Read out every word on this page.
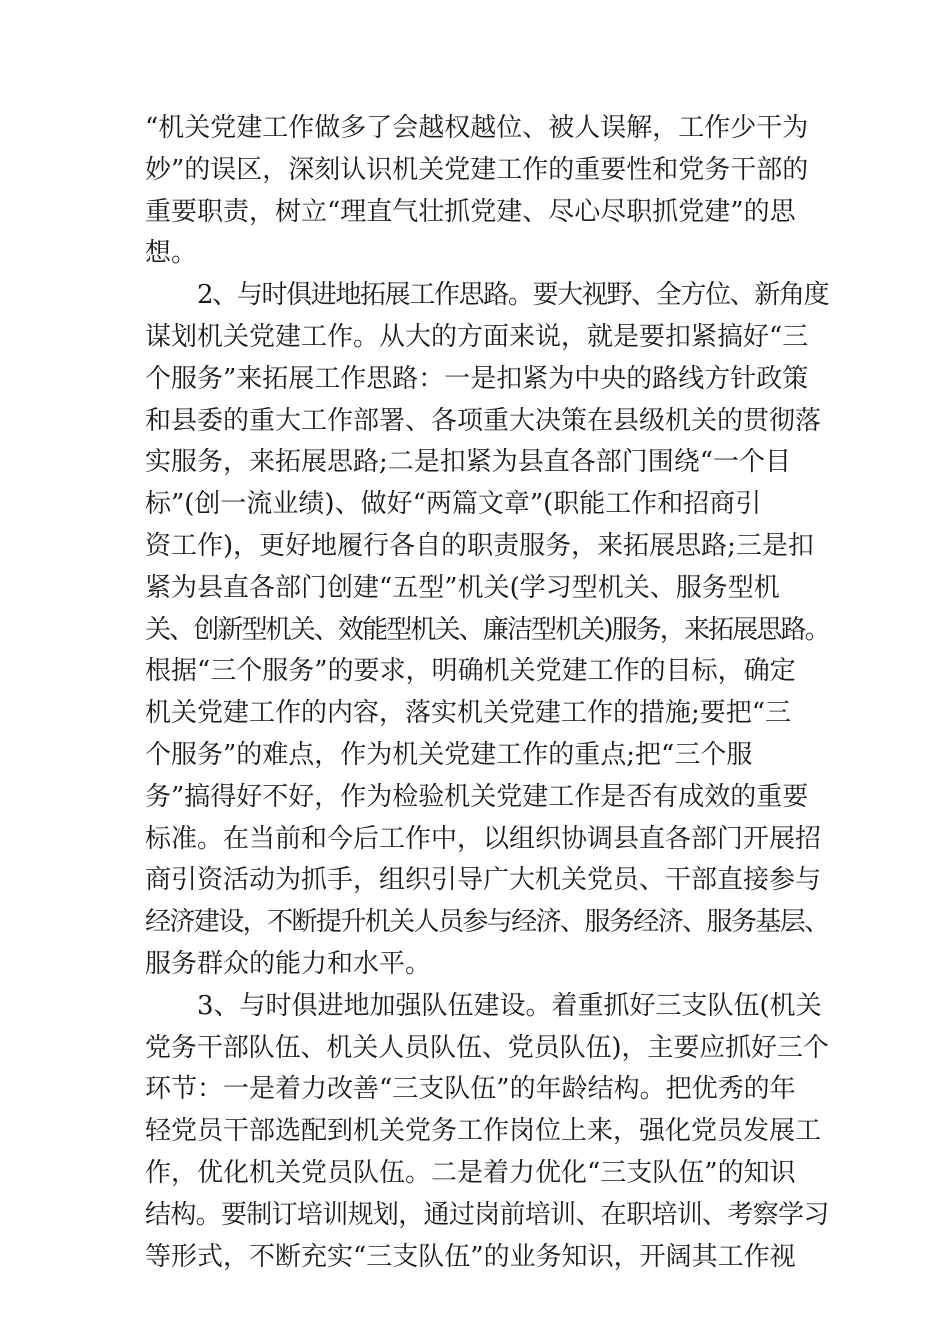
“机关党建工作做多了会越权越位、被人误解，工作少干为
妙”的误区，深刻认识机关党建工作的重要性和党务干部的
重要职责，树立“理直气壮抓党建、尽心尽职抓党建”的思
想。
2、与时俱进地拓展工作思路。要大视野、全方位、新角度
谋划机关党建工作。从大的方面来说，就是要扣紧搞好“三
个服务”来拓展工作思路：一是扣紧为中央的路线方针政策
和县委的重大工作部署、各项重大决策在县级机关的贯彻落
实服务，来拓展思路;二是扣紧为县直各部门围绕“一个目
标”(创一流业绩)、做好“两篇文章”(职能工作和招商引
资工作)，更好地履行各自的职责服务，来拓展思路;三是扣
紧为县直各部门创建“五型”机关(学习型机关、服务型机
关、创新型机关、效能型机关、廉洁型机关)服务，来拓展思路。
根据“三个服务”的要求，明确机关党建工作的目标，确定
机关党建工作的内容，落实机关党建工作的措施;要把“三
个服务”的难点，作为机关党建工作的重点;把“三个服
务”搞得好不好，作为检验机关党建工作是否有成效的重要
标准。在当前和今后工作中，以组织协调县直各部门开展招
商引资活动为抓手，组织引导广大机关党员、干部直接参与
经济建设，不断提升机关人员参与经济、服务经济、服务基层、
服务群众的能力和水平。
3、与时俱进地加强队伍建设。着重抓好三支队伍(机关
党务干部队伍、机关人员队伍、党员队伍)，主要应抓好三个
环节：一是着力改善“三支队伍”的年龄结构。把优秀的年
轻党员干部选配到机关党务工作岗位上来，强化党员发展工
作，优化机关党员队伍。二是着力优化“三支队伍”的知识
结构。要制订培训规划，通过岗前培训、在职培训、考察学习
等形式，不断充实“三支队伍”的业务知识，开阔其工作视
